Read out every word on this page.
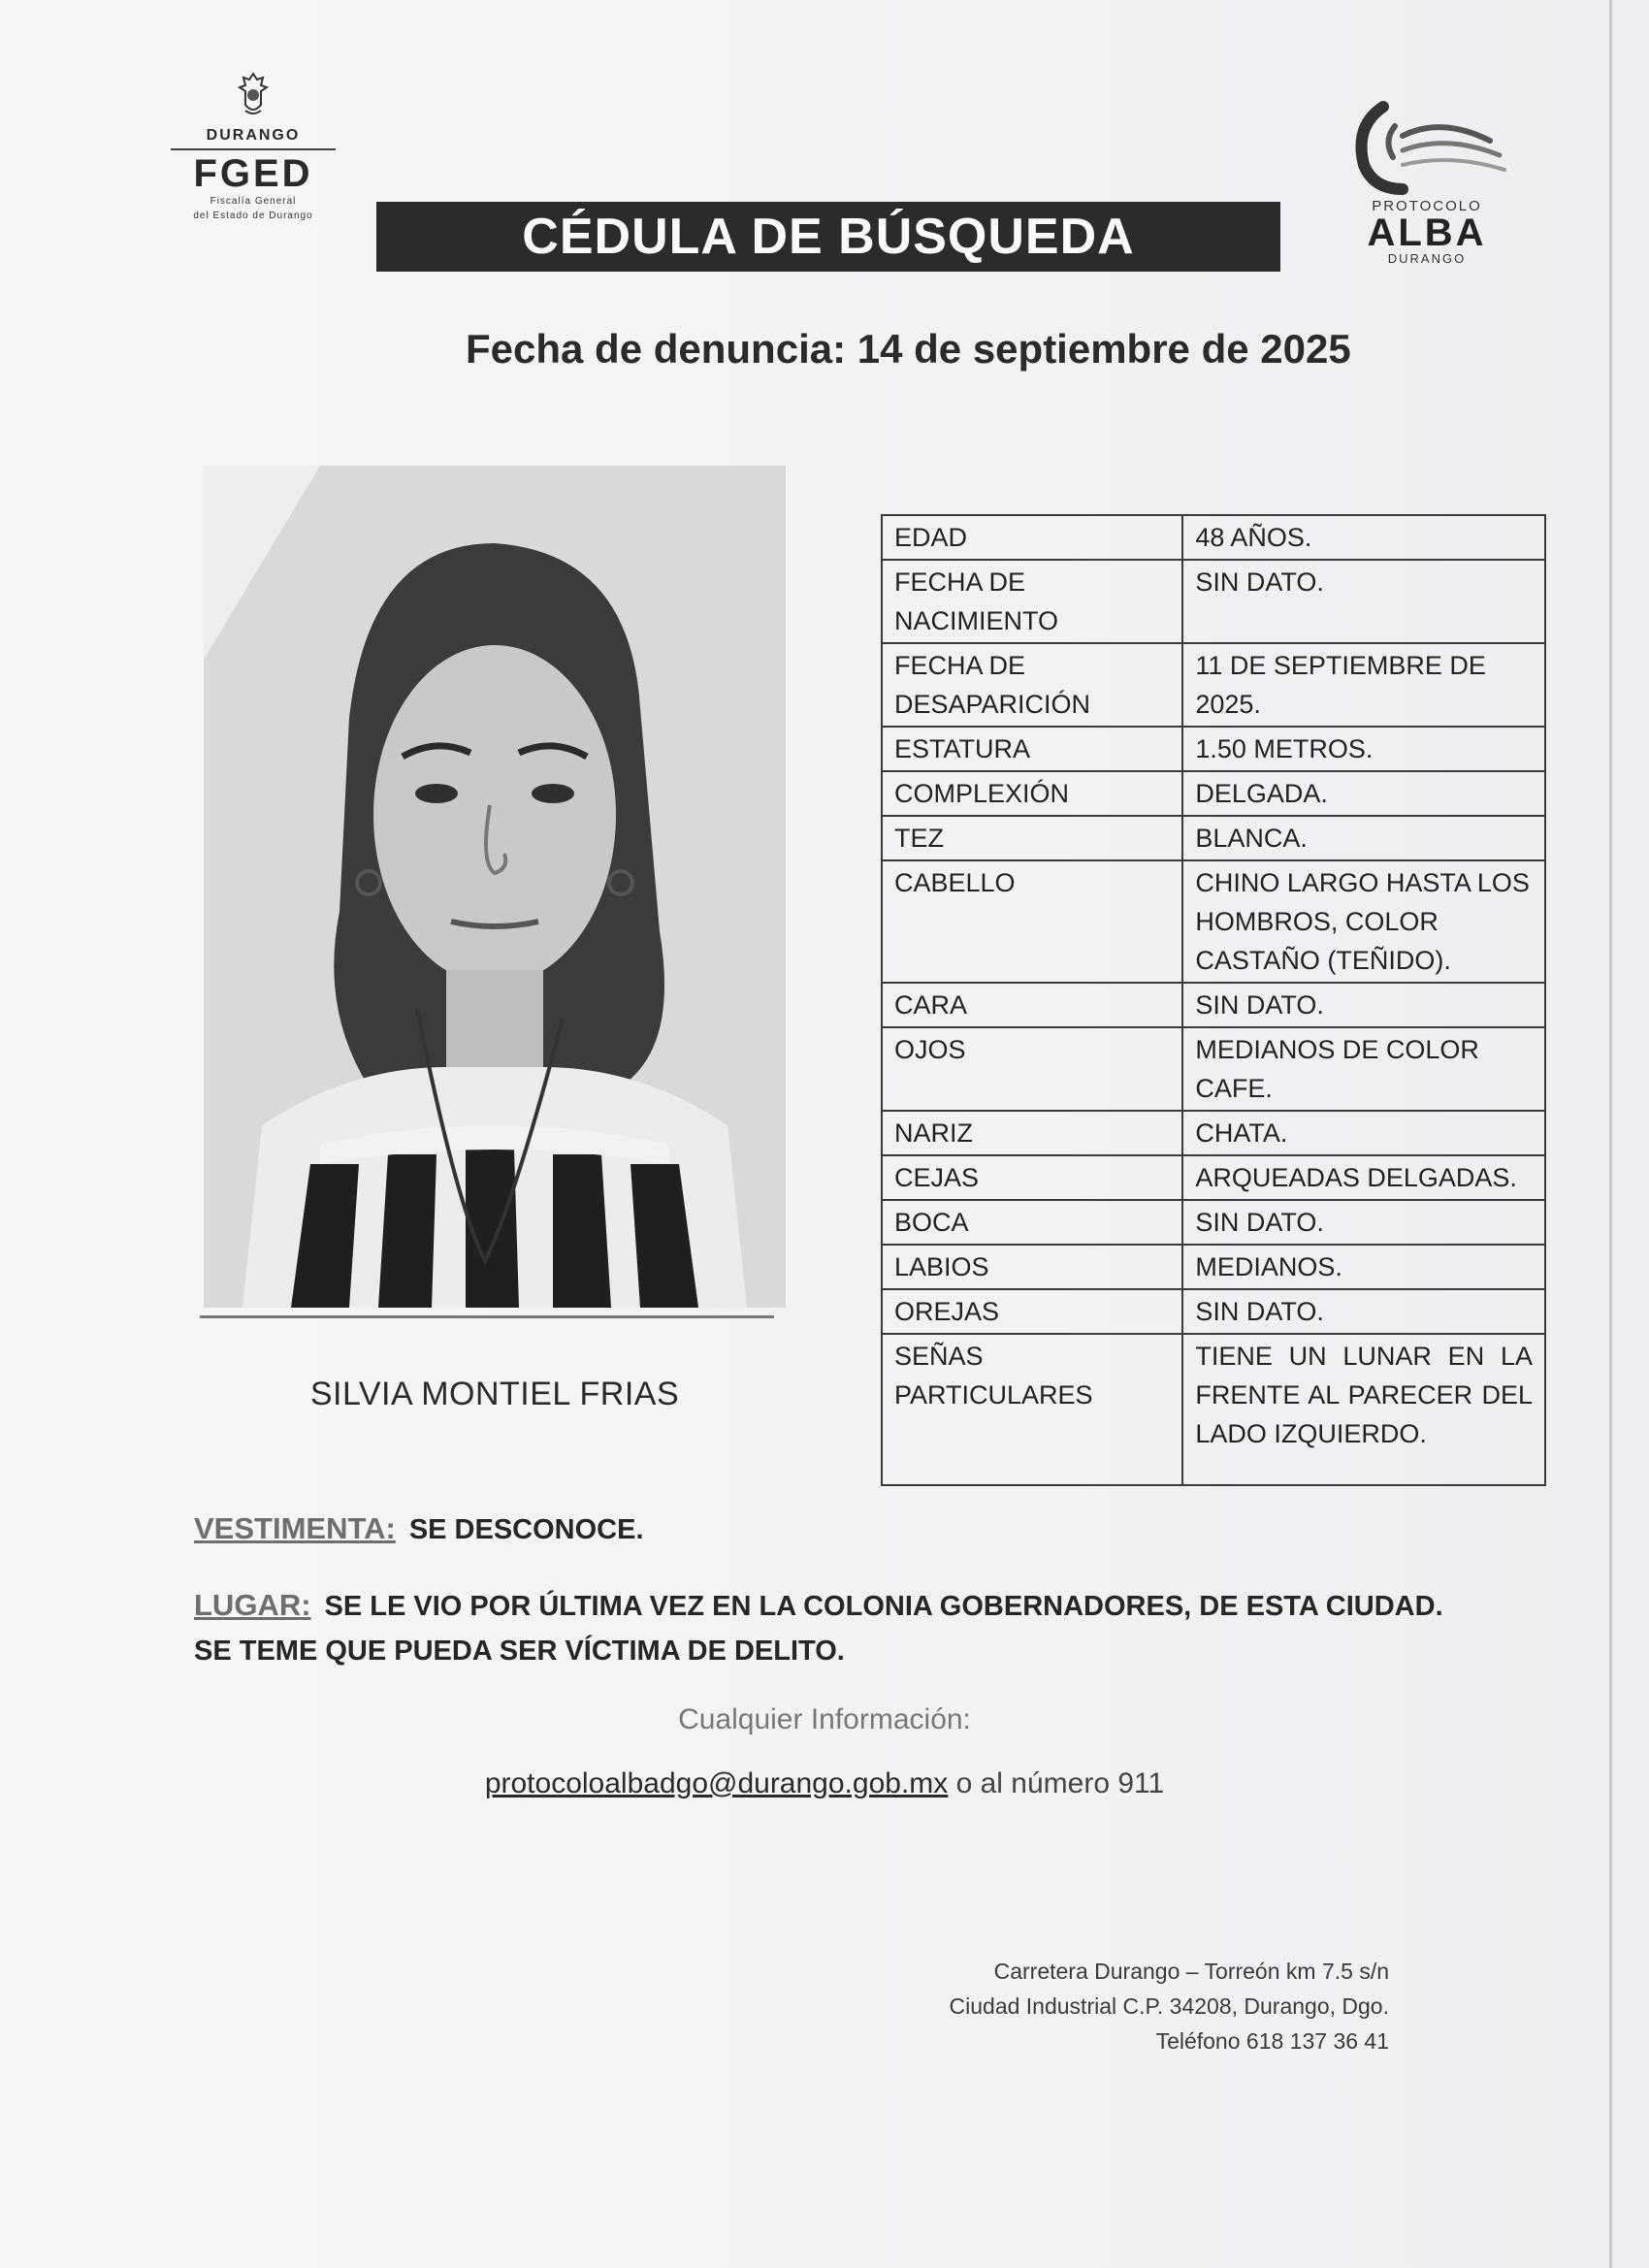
DURANGO
FGED
Fiscalía General
del Estado de Durango	CÉDULA DE BÚSQUEDA
PROTOCOLO
ALBA
DURANGO
Fecha de denuncia: 14 de septiembre de 2025
SILVIA MONTIEL FRIAS
EDAD	48 AÑOS.
FECHA DE NACIMIENTO	SIN DATO.
FECHA DE DESAPARICIÓN	11 DE SEPTIEMBRE DE 2025.
ESTATURA	1.50 METROS.
COMPLEXIÓN	DELGADA.
TEZ	BLANCA.
CABELLO	CHINO LARGO HASTA LOS HOMBROS, COLOR CASTAÑO (TEÑIDO).
CARA	SIN DATO.
OJOS	MEDIANOS DE COLOR CAFE.
NARIZ	CHATA.
CEJAS	ARQUEADAS DELGADAS.
BOCA	SIN DATO.
LABIOS	MEDIANOS.
OREJAS	SIN DATO.
SEÑAS PARTICULARES	TIENE UN LUNAR EN LA FRENTE AL PARECER DEL LADO IZQUIERDO.
VESTIMENTA: SE DESCONOCE.
LUGAR: SE LE VIO POR ÚLTIMA VEZ EN LA COLONIA GOBERNADORES, DE ESTA CIUDAD.
SE TEME QUE PUEDA SER VÍCTIMA DE DELITO.
Cualquier Información:
protocoloalbadgo@durango.gob.mx o al número 911
Carretera Durango – Torreón km 7.5 s/n
Ciudad Industrial C.P. 34208, Durango, Dgo.
Teléfono 618 137 36 41
